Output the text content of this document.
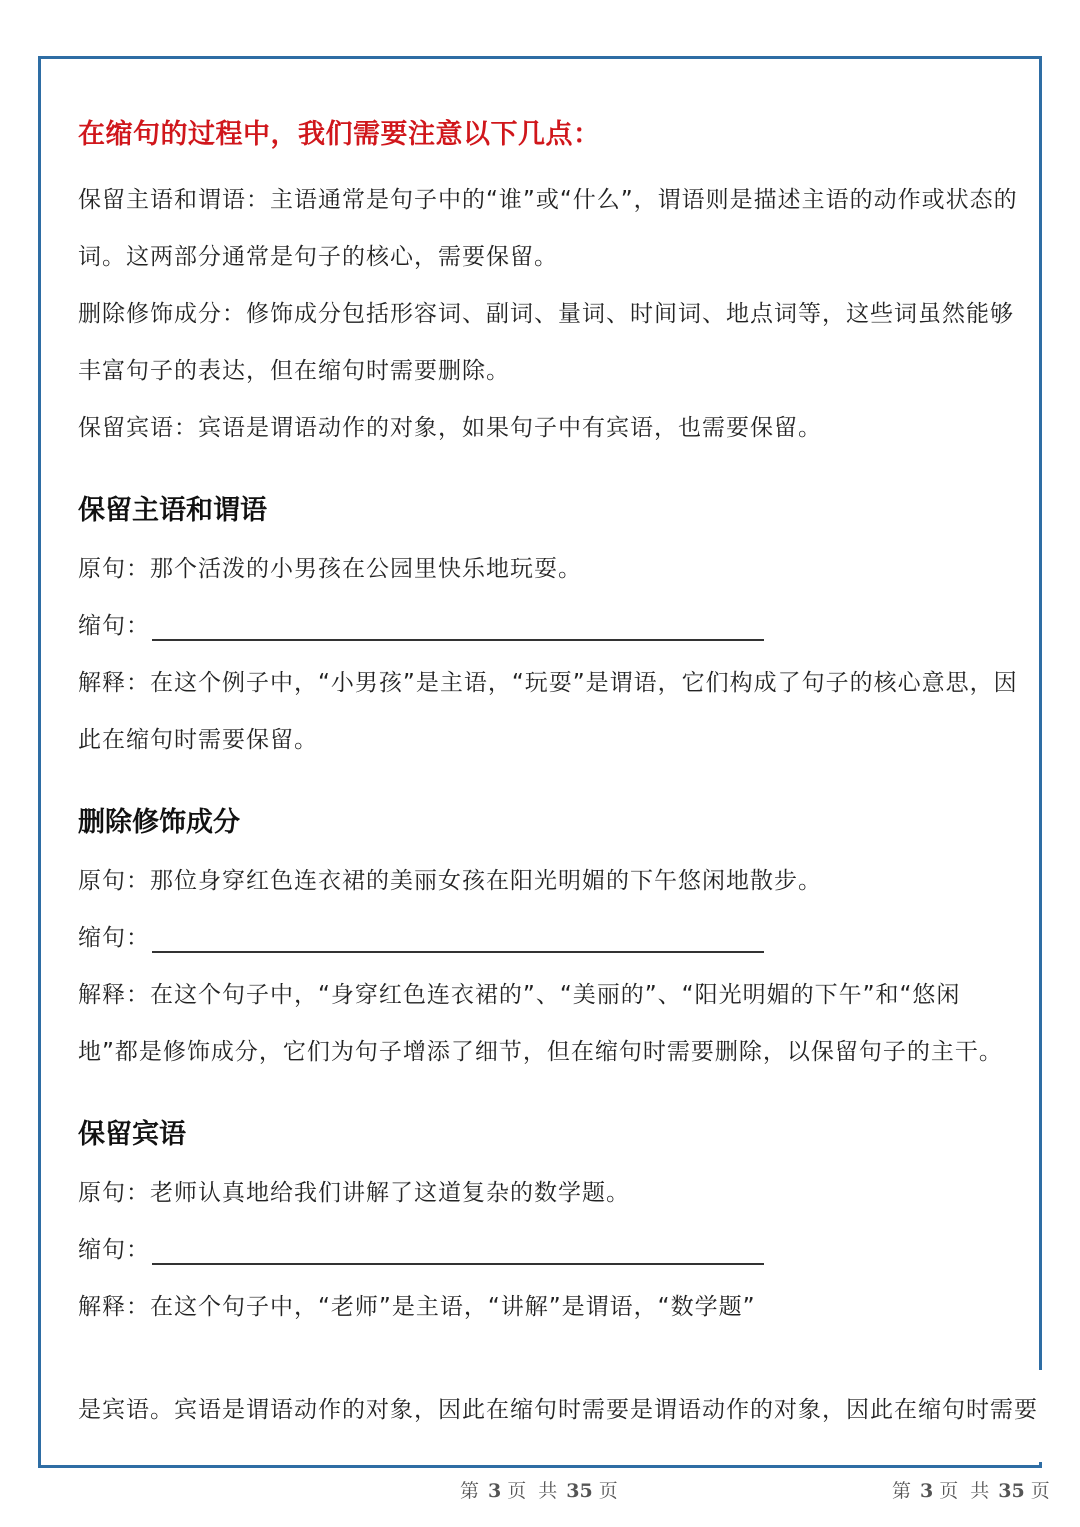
在缩句的过程中，我们需要注意以下几点：

保留主语和谓语：主语通常是句子中的“谁”或“什么”，谓语则是描述主语的动作或状态的词。这两部分通常是句子的核心，需要保留。

删除修饰成分：修饰成分包括形容词、副词、量词、时间词、地点词等，这些词虽然能够丰富句子的表达，但在缩句时需要删除。

保留宾语：宾语是谓语动作的对象，如果句子中有宾语，也需要保留。

保留主语和谓语

原句：那个活泼的小男孩在公园里快乐地玩耍。

缩句：

解释：在这个例子中，“小男孩”是主语，“玩耍”是谓语，它们构成了句子的核心意思，因此在缩句时需要保留。

删除修饰成分

原句：那位身穿红色连衣裙的美丽女孩在阳光明媚的下午悠闲地散步。

缩句：

解释：在这个句子中，“身穿红色连衣裙的”、“美丽的”、“阳光明媚的下午”和“悠闲地”都是修饰成分，它们为句子增添了细节，但在缩句时需要删除，以保留句子的主干。

保留宾语

原句：老师认真地给我们讲解了这道复杂的数学题。

缩句：

解释：在这个句子中，“老师”是主语，“讲解”是谓语，“数学题”

是宾语。宾语是谓语动作的对象，因此在缩句时需要是 谓语动作的对象，因此在缩句时需要
第 3 页 共 35 页	第 3 页 共 35 页
